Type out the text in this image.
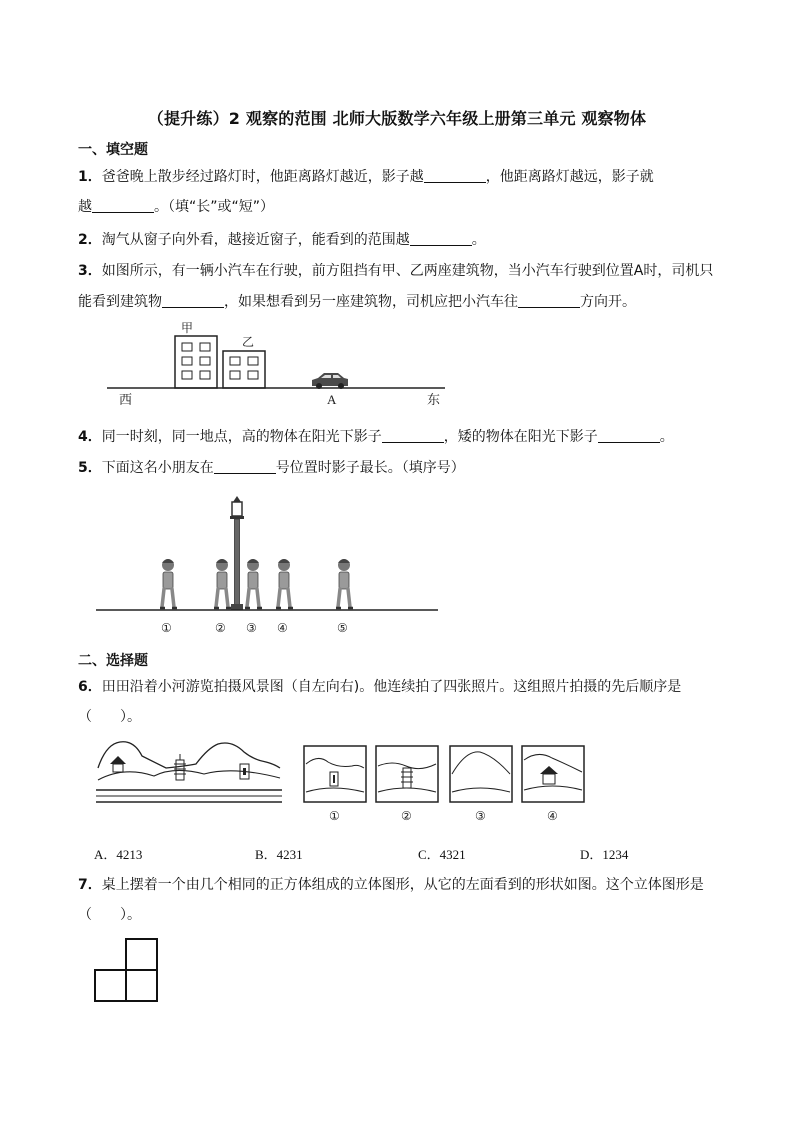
（提升练）2 观察的范围 北师大版数学六年级上册第三单元 观察物体
一、填空题
1．爸爸晚上散步经过路灯时，他距离路灯越近，影子越	，他距离路灯越远，影子就
越	。（填“长”或“短”）
2．淘气从窗子向外看，越接近窗子，能看到的范围越	。
3．如图所示，有一辆小汽车在行驶，前方阻挡有甲、乙两座建筑物，当小汽车行驶到位置A时，司机只
能看到建筑物	，如果想看到另一座建筑物，司机应把小汽车往	方向开。
甲
乙
西	A	东
4．同一时刻，同一地点，高的物体在阳光下影子	，矮的物体在阳光下影子	。
5．下面这名小朋友在	号位置时影子最长。（填序号）
①	② ③ ④	⑤
二、选择题
6．田田沿着小河游览拍摄风景图（自左向右)。他连续拍了四张照片。这组照片拍摄的先后顺序是
（　　）。
①	②	③	④
A．4213	B．4231	C．4321	D．1234
7．桌上摆着一个由几个相同的正方体组成的立体图形，从它的左面看到的形状如图。这个立体图形是
（　　）。
